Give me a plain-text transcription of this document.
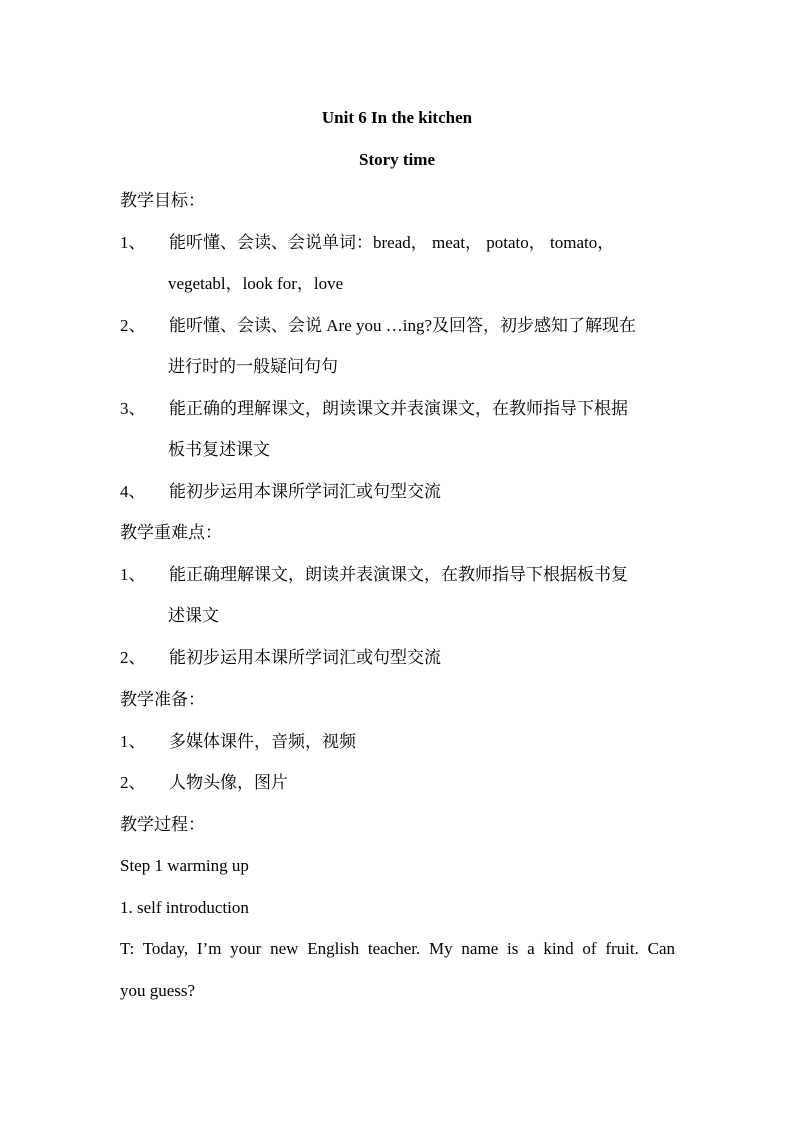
Unit 6 In the kitchen
Story time
教学目标：
1、 能听懂、会读、会说单词：bread， meat， potato， tomato，
vegetabl，look for，love
2、 能听懂、会读、会说 Are you …ing?及回答，初步感知了解现在
进行时的一般疑问句句
3、 能正确的理解课文，朗读课文并表演课文，在教师指导下根据
板书复述课文
4、 能初步运用本课所学词汇或句型交流
教学重难点：
1、 能正确理解课文，朗读并表演课文，在教师指导下根据板书复
述课文
2、 能初步运用本课所学词汇或句型交流
教学准备：
1、 多媒体课件，音频，视频
2、 人物头像，图片
教学过程：
Step 1 warming up
1. self introduction
T: Today, I’m your new English teacher. My name is a kind of fruit. Can
you guess?
